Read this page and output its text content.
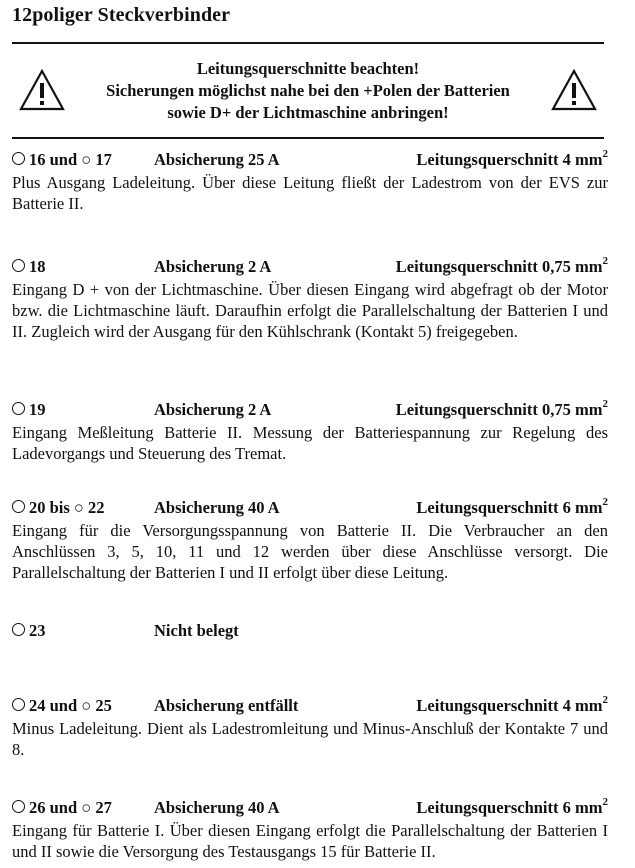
12poliger Steckverbinder
Leitungsquerschnitte beachten!
Sicherungen möglichst nahe bei den +Polen der Batterien
sowie D+ der Lichtmaschine anbringen!
16 und ○ 17	Absicherung 25 A	Leitungsquerschnitt 4 $mm^2$

Plus Ausgang Ladeleitung. Über diese Leitung fließt der Ladestrom von der EVS zur Batterie II.

18	Absicherung 2 A	Leitungsquerschnitt 0,75 $mm^2$

Eingang D + von der Lichtmaschine. Über diesen Eingang wird abgefragt ob der Motor bzw. die Lichtmaschine läuft. Daraufhin erfolgt die Parallelschaltung der Batterien I und II. Zugleich wird der Ausgang für den Kühlschrank (Kontakt 5) freigegeben.

19	Absicherung 2 A	Leitungsquerschnitt 0,75 $mm^2$

Eingang Meßleitung Batterie II. Messung der Batteriespannung zur Regelung des Ladevorgangs und Steuerung des Tremat.

20 bis ○ 22	Absicherung 40 A	Leitungsquerschnitt 6 $mm^2$

Eingang für die Versorgungsspannung von Batterie II. Die Verbraucher an den Anschlüssen 3, 5, 10, 11 und 12 werden über diese Anschlüsse versorgt. Die Parallelschaltung der Batterien I und II erfolgt über diese Leitung.

23	Nicht belegt
24 und ○ 25	Absicherung entfällt	Leitungsquerschnitt 4 $mm^2$

Minus Ladeleitung. Dient als Ladestromleitung und Minus-Anschluß der Kontakte 7 und 8.

26 und ○ 27	Absicherung 40 A	Leitungsquerschnitt 6 $mm^2$

Eingang für Batterie I. Über diesen Eingang erfolgt die Parallelschaltung der Batterien I und II sowie die Versorgung des Testausgangs 15 für Batterie II.
